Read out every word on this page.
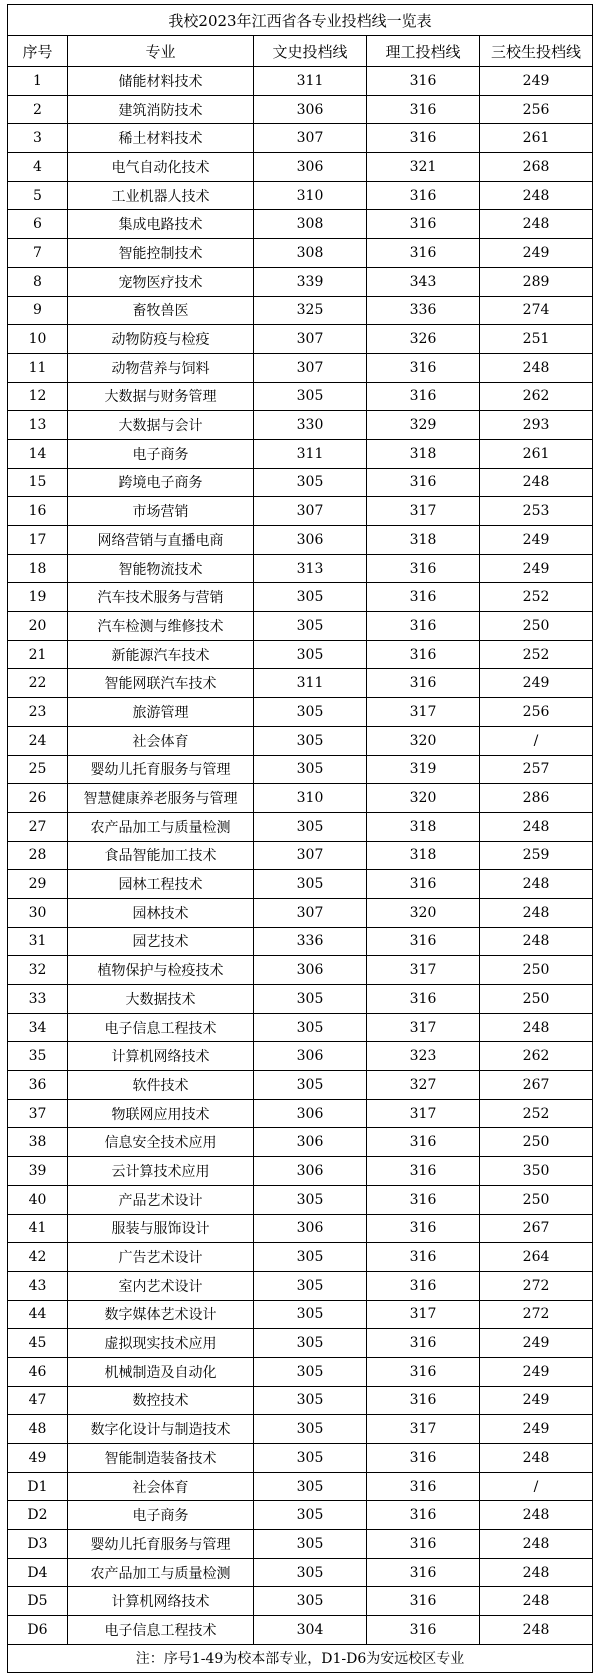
我校2023年江西省各专业投档线一览表				
序号	专业	文史投档线	理工投档线	三校生投档线
1	储能材料技术	311	316	249
2	建筑消防技术	306	316	256
3	稀土材料技术	307	316	261
4	电气自动化技术	306	321	268
5	工业机器人技术	310	316	248
6	集成电路技术	308	316	248
7	智能控制技术	308	316	249
8	宠物医疗技术	339	343	289
9	畜牧兽医	325	336	274
10	动物防疫与检疫	307	326	251
11	动物营养与饲料	307	316	248
12	大数据与财务管理	305	316	262
13	大数据与会计	330	329	293
14	电子商务	311	318	261
15	跨境电子商务	305	316	248
16	市场营销	307	317	253
17	网络营销与直播电商	306	318	249
18	智能物流技术	313	316	249
19	汽车技术服务与营销	305	316	252
20	汽车检测与维修技术	305	316	250
21	新能源汽车技术	305	316	252
22	智能网联汽车技术	311	316	249
23	旅游管理	305	317	256
24	社会体育	305	320	/
25	婴幼儿托育服务与管理	305	319	257
26	智慧健康养老服务与管理	310	320	286
27	农产品加工与质量检测	305	318	248
28	食品智能加工技术	307	318	259
29	园林工程技术	305	316	248
30	园林技术	307	320	248
31	园艺技术	336	316	248
32	植物保护与检疫技术	306	317	250
33	大数据技术	305	316	250
34	电子信息工程技术	305	317	248
35	计算机网络技术	306	323	262
36	软件技术	305	327	267
37	物联网应用技术	306	317	252
38	信息安全技术应用	306	316	250
39	云计算技术应用	306	316	350
40	产品艺术设计	305	316	250
41	服装与服饰设计	306	316	267
42	广告艺术设计	305	316	264
43	室内艺术设计	305	316	272
44	数字媒体艺术设计	305	317	272
45	虚拟现实技术应用	305	316	249
46	机械制造及自动化	305	316	249
47	数控技术	305	316	249
48	数字化设计与制造技术	305	317	249
49	智能制造装备技术	305	316	248
D1	社会体育	305	316	/
D2	电子商务	305	316	248
D3	婴幼儿托育服务与管理	305	316	248
D4	农产品加工与质量检测	305	316	248
D5	计算机网络技术	305	316	248
D6	电子信息工程技术	304	316	248
注：序号1-49为校本部专业，D1-D6为安远校区专业				
